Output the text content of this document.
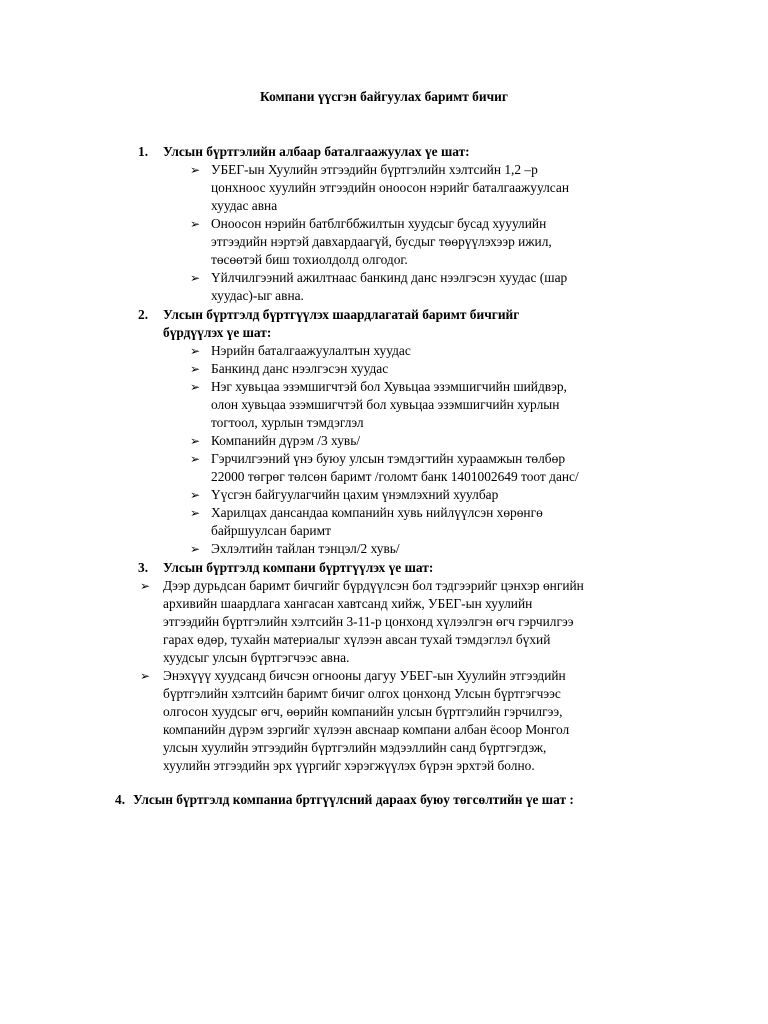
Компани үүсгэн байгуулах баримт бичиг
1. Улсын бүртгэлийн албаар баталгаажуулах үе шат:
➢ УБЕГ-ын Хуулийн этгээдийн бүртгэлийн хэлтсийн 1,2 –р
цонхноос хуулийн этгээдийн оноосон нэрийг баталгаажуулсан
хуудас авна
➢ Оноосон нэрийн батблгббжилтын хуудсыг бусад хууулийн
этгээдийн нэртэй давхардаагүй, бусдыг төөрүүлэхээр ижил,
төсөөтэй биш тохиолдолд олгодог.
➢ Үйлчилгээний ажилтнаас банкинд данс нээлгэсэн хуудас (шар
хуудас)-ыг авна.
2. Улсын бүртгэлд бүртгүүлэх шаардлагатай баримт бичгийг
бүрдүүлэх үе шат:
➢ Нэрийн баталгаажуулалтын хуудас
➢ Банкинд данс нээлгэсэн хуудас
➢ Нэг хувьцаа эзэмшигчтэй бол Хувьцаа эзэмшигчийн шийдвэр,
олон хувьцаа эзэмшигчтэй бол хувьцаа эзэмшигчийн хурлын
тогтоол, хурлын тэмдэглэл
➢ Компанийн дүрэм /3 хувь/
➢ Гэрчилгээний үнэ буюу улсын тэмдэгтийн хураамжын төлбөр
22000 төгрөг төлсөн баримт /голомт банк 1401002649 тоот данс/
➢ Үүсгэн байгуулагчийн цахим үнэмлэхний хуулбар
➢ Харилцах дансандаа компанийн хувь нийлүүлсэн хөрөнгө
байршуулсан баримт
➢ Эхлэлтийн тайлан тэнцэл/2 хувь/
3. Улсын бүртгэлд компани бүртгүүлэх үе шат:
➢ Дээр дурьдсан баримт бичгийг бүрдүүлсэн бол тэдгээрийг цэнхэр өнгийн
архивийн шаардлага хангасан хавтсанд хийж, УБЕГ-ын хуулийн
этгээдийн бүртгэлийн хэлтсийн 3-11-р цонхонд хүлээлгэн өгч гэрчилгээ
гарах өдөр, тухайн материалыг хүлээн авсан тухай тэмдэглэл бүхий
хуудсыг улсын бүртгэгчээс авна.
➢ Энэхүүү хуудсанд бичсэн огнооны дагуу УБЕГ-ын Хуулийн этгээдийн
бүртгэлийн хэлтсийн баримт бичиг олгох цонхонд Улсын бүртгэгчээс
олгосон хуудсыг өгч, өөрийн компанийн улсын бүртгэлийн гэрчилгээ,
компанийн дүрэм зэргийг хүлээн авснаар компани албан ёсоор Монгол
улсын хуулийн этгээдийн бүртгэлийн мэдээллийн санд бүртгэгдэж,
хуулийн этгээдийн эрх үүргийг хэрэгжүүлэх бүрэн эрхтэй болно.
4. Улсын бүртгэлд компаниа бртгүүлсний дараах буюу төгсөлтийн үе шат :
